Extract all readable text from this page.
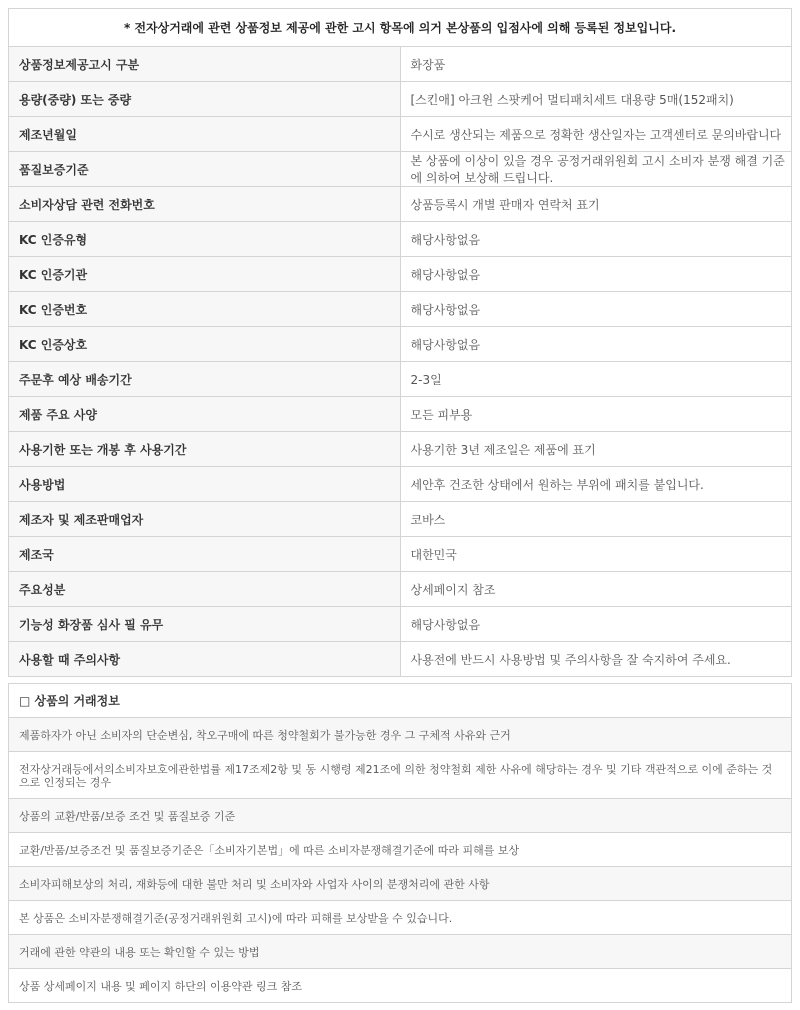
* 전자상거래에 관련 상품정보 제공에 관한 고시 항목에 의거 본상품의 입점사에 의해 등록된 정보입니다.	
상품정보제공고시 구분	화장품
용량(중량) 또는 중량	[스킨애] 아크윈 스팟케어 멀티패치세트 대용량 5매(152패치)
제조년월일	수시로 생산되는 제품으로 정확한 생산일자는 고객센터로 문의바랍니다
품질보증기준	본 상품에 이상이 있을 경우 공정거래위원회 고시 소비자 분쟁 해결 기준에 의하여 보상해 드립니다.
소비자상담 관련 전화번호	상품등록시 개별 판매자 연락처 표기
KC 인증유형	해당사항없음
KC 인증기관	해당사항없음
KC 인증번호	해당사항없음
KC 인증상호	해당사항없음
주문후 예상 배송기간	2-3일
제품 주요 사양	모든 피부용
사용기한 또는 개봉 후 사용기간	사용기한 3년 제조일은 제품에 표기
사용방법	세안후 건조한 상태에서 원하는 부위에 패치를 붙입니다.
제조자 및 제조판매업자	코바스
제조국	대한민국
주요성분	상세페이지 참조
기능성 화장품 심사 필 유무	해당사항없음
사용할 때 주의사항	사용전에 반드시 사용방법 및 주의사항을 잘 숙지하여 주세요.
□ 상품의 거래정보
제품하자가 아닌 소비자의 단순변심, 착오구매에 따른 청약철회가 불가능한 경우 그 구체적 사유와 근거
전자상거래등에서의소비자보호에관한법률 제17조제2항 및 동 시행령 제21조에 의한 청약철회 제한 사유에 해당하는 경우 및 기타 객관적으로 이에 준하는 것으로 인정되는 경우
상품의 교환/반품/보증 조건 및 품질보증 기준
교환/반품/보증조건 및 품질보증기준은「소비자기본법」에 따른 소비자분쟁해결기준에 따라 피해를 보상
소비자피해보상의 처리, 재화등에 대한 불만 처리 및 소비자와 사업자 사이의 분쟁처리에 관한 사항
본 상품은 소비자분쟁해결기준(공정거래위원회 고시)에 따라 피해를 보상받을 수 있습니다.
거래에 관한 약관의 내용 또는 확인할 수 있는 방법
상품 상세페이지 내용 및 페이지 하단의 이용약관 링크 참조
